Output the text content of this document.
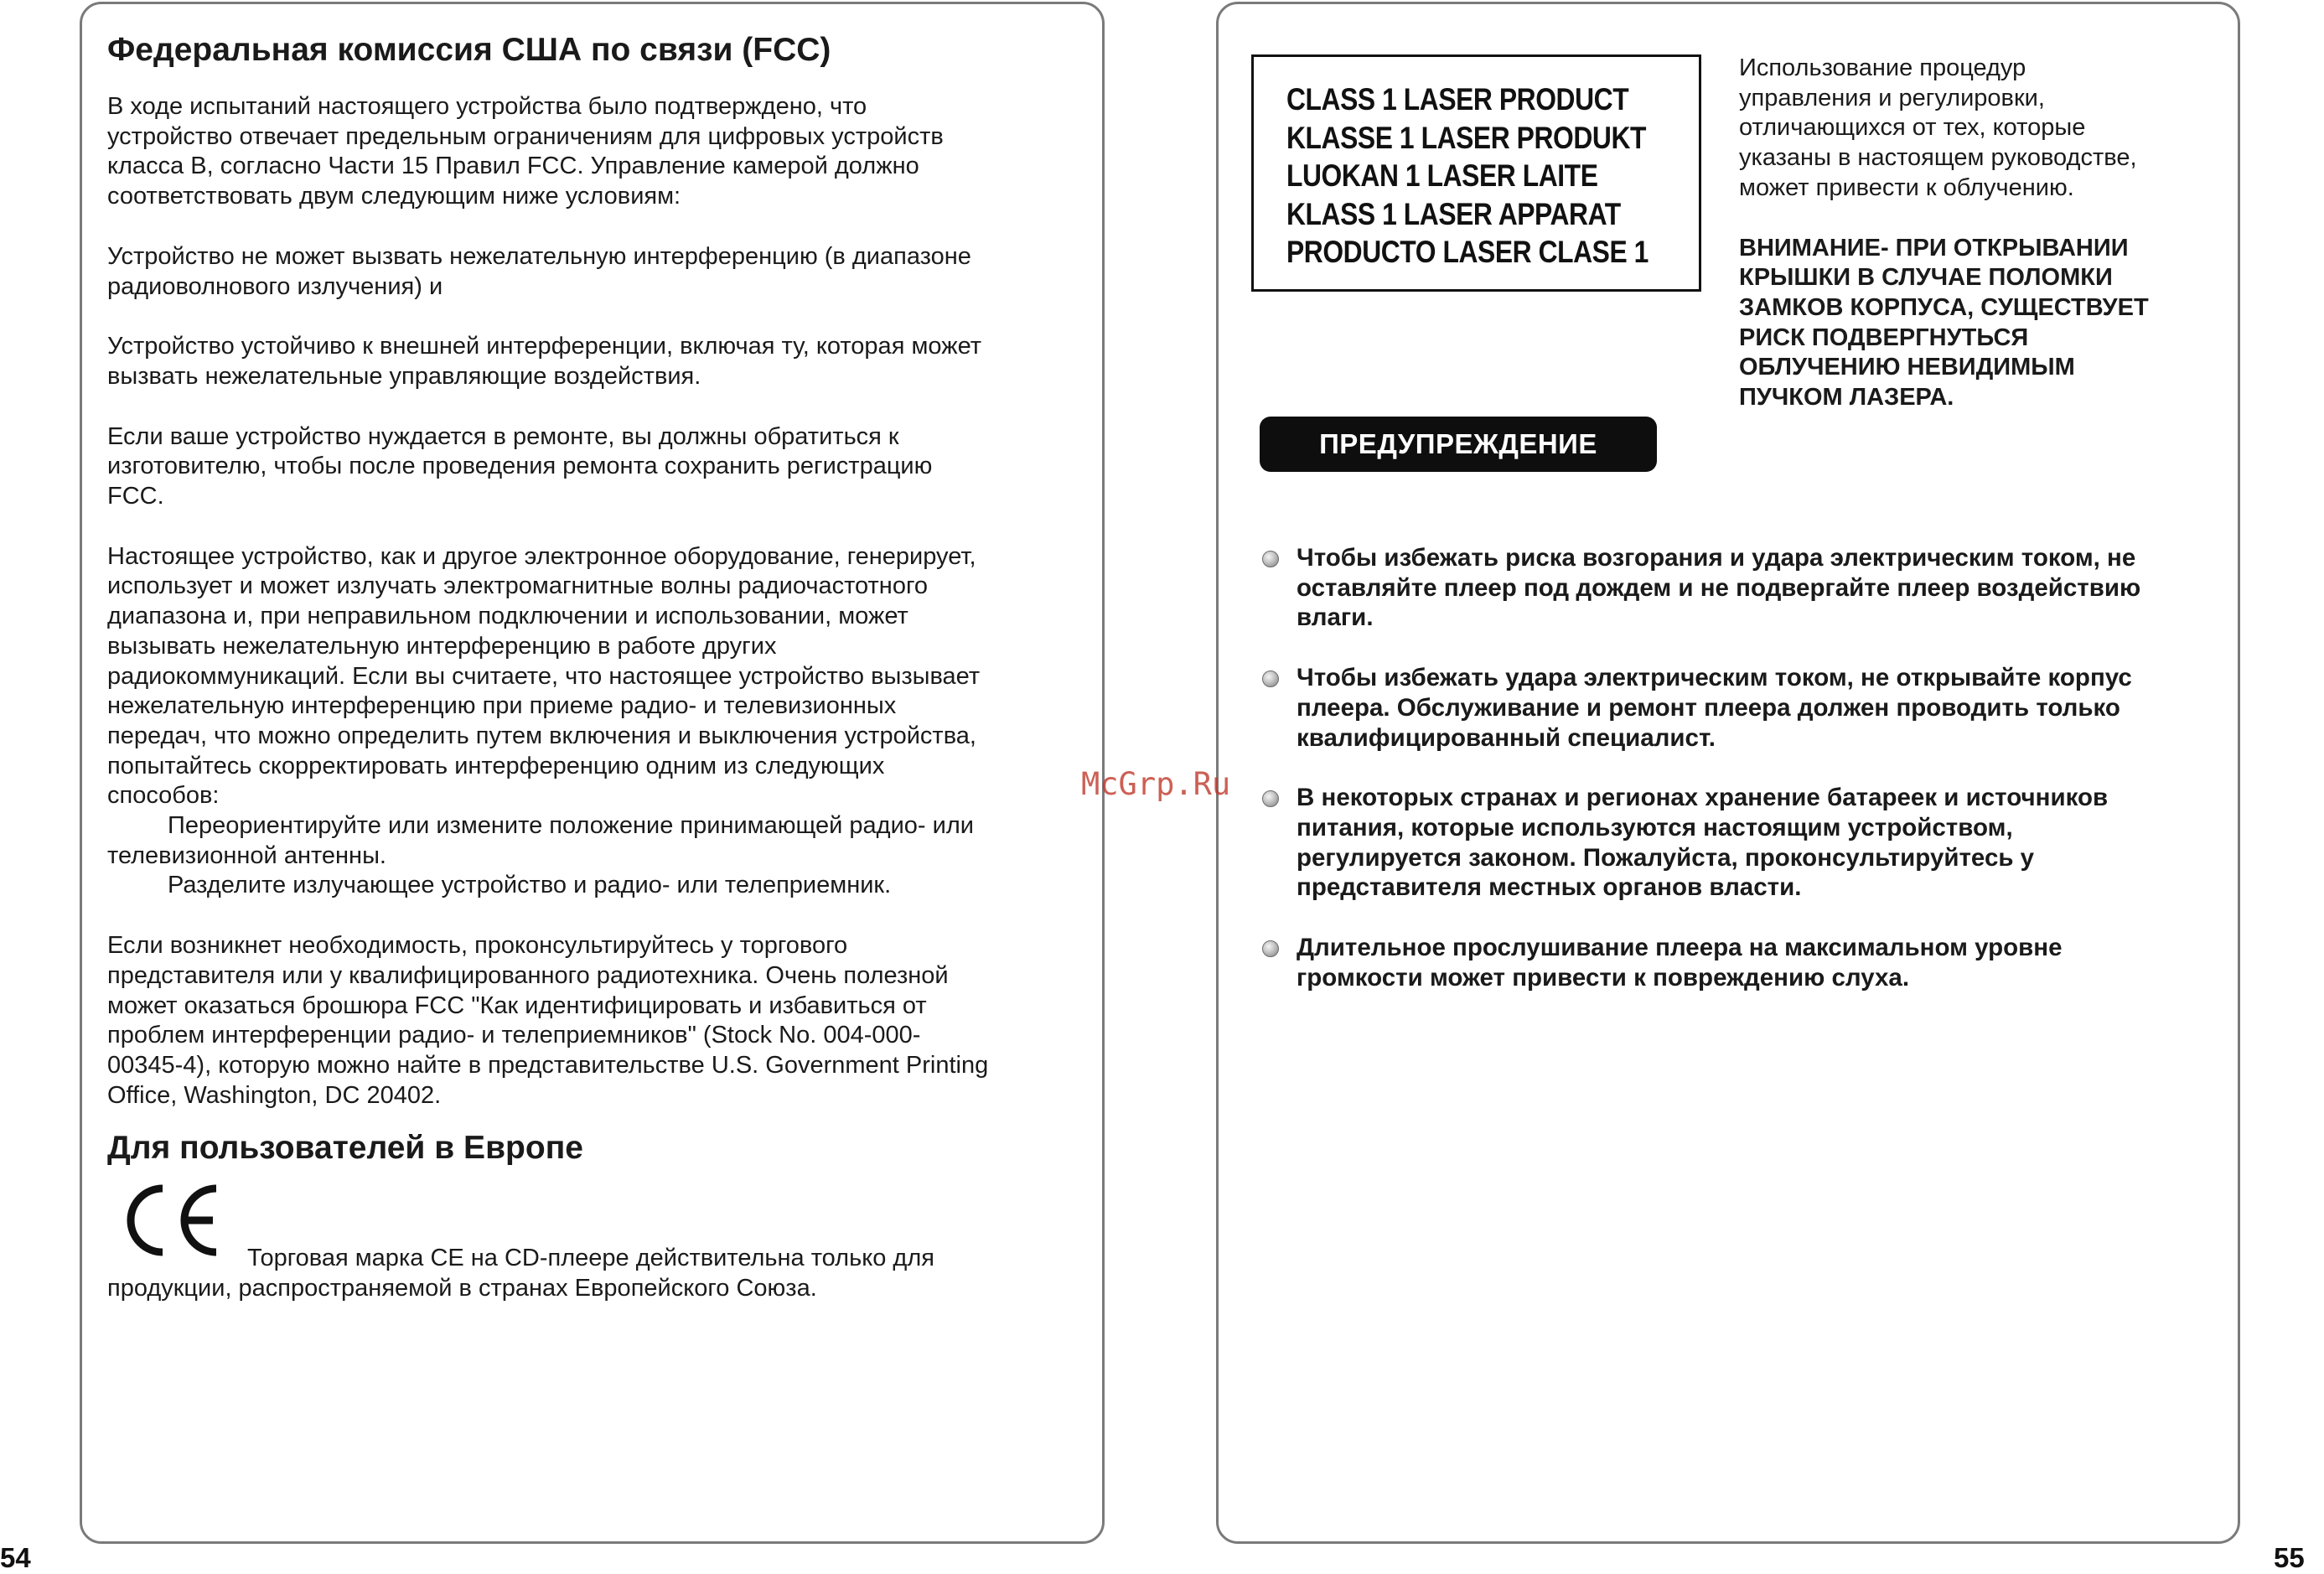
Федеральная комиссия США по связи (FCC)

В ходе испытаний настоящего устройства было подтверждено, что
устройство отвечает предельным ограничениям для цифровых устройств
класса В, согласно Части 15 Правил FCC. Управление камерой должно
соответствовать двум следующим ниже условиям:

Устройство не может вызвать нежелательную интерференцию (в диапазоне
радиоволнового излучения) и

Устройство устойчиво к внешней интерференции, включая ту, которая может
вызвать нежелательные управляющие воздействия.

Если ваше устройство нуждается в ремонте, вы должны обратиться к
изготовителю, чтобы после проведения ремонта сохранить регистрацию
FCC.

Настоящее устройство, как и другое электронное оборудование, генерирует,
использует и может излучать электромагнитные волны радиочастотного
диапазона и, при неправильном подключении и использовании, может
вызывать нежелательную интерференцию в работе других
радиокоммуникаций. Если вы считаете, что настоящее устройство вызывает
нежелательную интерференцию при приеме радио- и телевизионных
передач, что можно определить путем включения и выключения устройства,
попытайтесь скорректировать интерференцию одним из следующих
способов:

Переориентируйте или измените положение принимающей радио- или
телевизионной антенны.

Разделите излучающее устройство и радио- или телеприемник.

Если возникнет необходимость, проконсультируйтесь у торгового
представителя или у квалифицированного радиотехника. Очень полезной
может оказаться брошюра FCC "Как идентифицировать и избавиться от
проблем интерференции радио- и телеприемников" (Stock No. 004-000-
00345-4), которую можно найте в представительстве U.S. Government Printing
Office, Washington, DC 20402.

Для пользователей в Европе

Торговая марка CE на CD-плеере действительна только для

продукции, распространяемой в странах Европейского Союза.

CLASS 1 LASER PRODUCT
KLASSE 1 LASER PRODUKT
LUOKAN 1 LASER LAITE
KLASS 1 LASER APPARAT
PRODUCTO LASER CLASE 1

Использование процедур
управления и регулировки,
отличающихся от тех, которые
указаны в настоящем руководстве,
может привести к облучению.

ВНИМАНИЕ- ПРИ ОТКРЫВАНИИ
КРЫШКИ В СЛУЧАЕ ПОЛОМКИ
ЗАМКОВ КОРПУСА, СУЩЕСТВУЕТ
РИСК ПОДВЕРГНУТЬСЯ
ОБЛУЧЕНИЮ НЕВИДИМЫМ
ПУЧКОМ ЛАЗЕРА.

ПРЕДУПРЕЖДЕНИЕ
Чтобы избежать риска возгорания и удара электрическим током, не
оставляйте плеер под дождем и не подвергайте плеер воздействию
влаги.
Чтобы избежать удара электрическим током, не открывайте корпус
плеера. Обслуживание и ремонт плеера должен проводить только
квалифицированный специалист.
В некоторых странах и регионах хранение батареек и источников
питания, которые используются настоящим устройством,
регулируется законом. Пожалуйста, проконсультируйтесь у
представителя местных органов власти.
Длительное прослушивание плеера на максимальном уровне
громкости может привести к повреждению слуха.
McGrp.Ru
54	55
